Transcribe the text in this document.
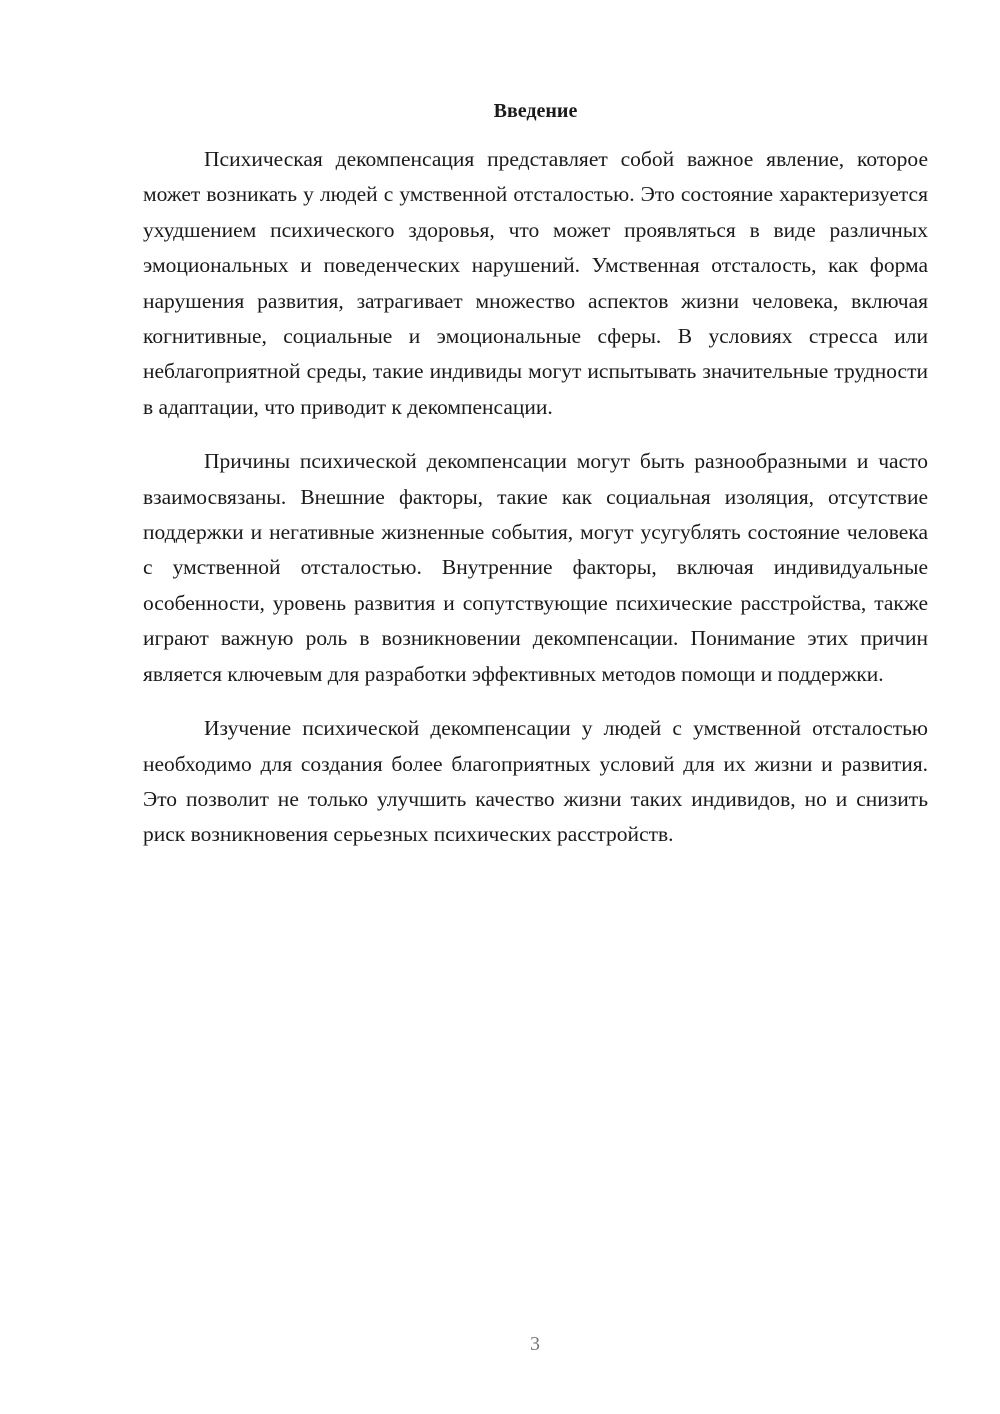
Введение

Психическая декомпенсация представляет собой важное явление, которое может возникать у людей с умственной отсталостью. Это состояние характеризуется ухудшением психического здоровья, что может проявляться в виде различных эмоциональных и поведенческих нарушений. Умственная отсталость, как форма нарушения развития, затрагивает множество аспектов жизни человека, включая когнитивные, социальные и эмоциональные сферы. В условиях стресса или неблагоприятной среды, такие индивиды могут испытывать значительные трудности в адаптации, что приводит к декомпенсации.

Причины психической декомпенсации могут быть разнообразными и часто взаимосвязаны. Внешние факторы, такие как социальная изоляция, отсутствие поддержки и негативные жизненные события, могут усугублять состояние человека с умственной отсталостью. Внутренние факторы, включая индивидуальные особенности, уровень развития и сопутствующие психические расстройства, также играют важную роль в возникновении декомпенсации. Понимание этих причин является ключевым для разработки эффективных методов помощи и поддержки.

Изучение психической декомпенсации у людей с умственной отсталостью необходимо для создания более благоприятных условий для их жизни и развития. Это позволит не только улучшить качество жизни таких индивидов, но и снизить риск возникновения серьезных психических расстройств.

3
